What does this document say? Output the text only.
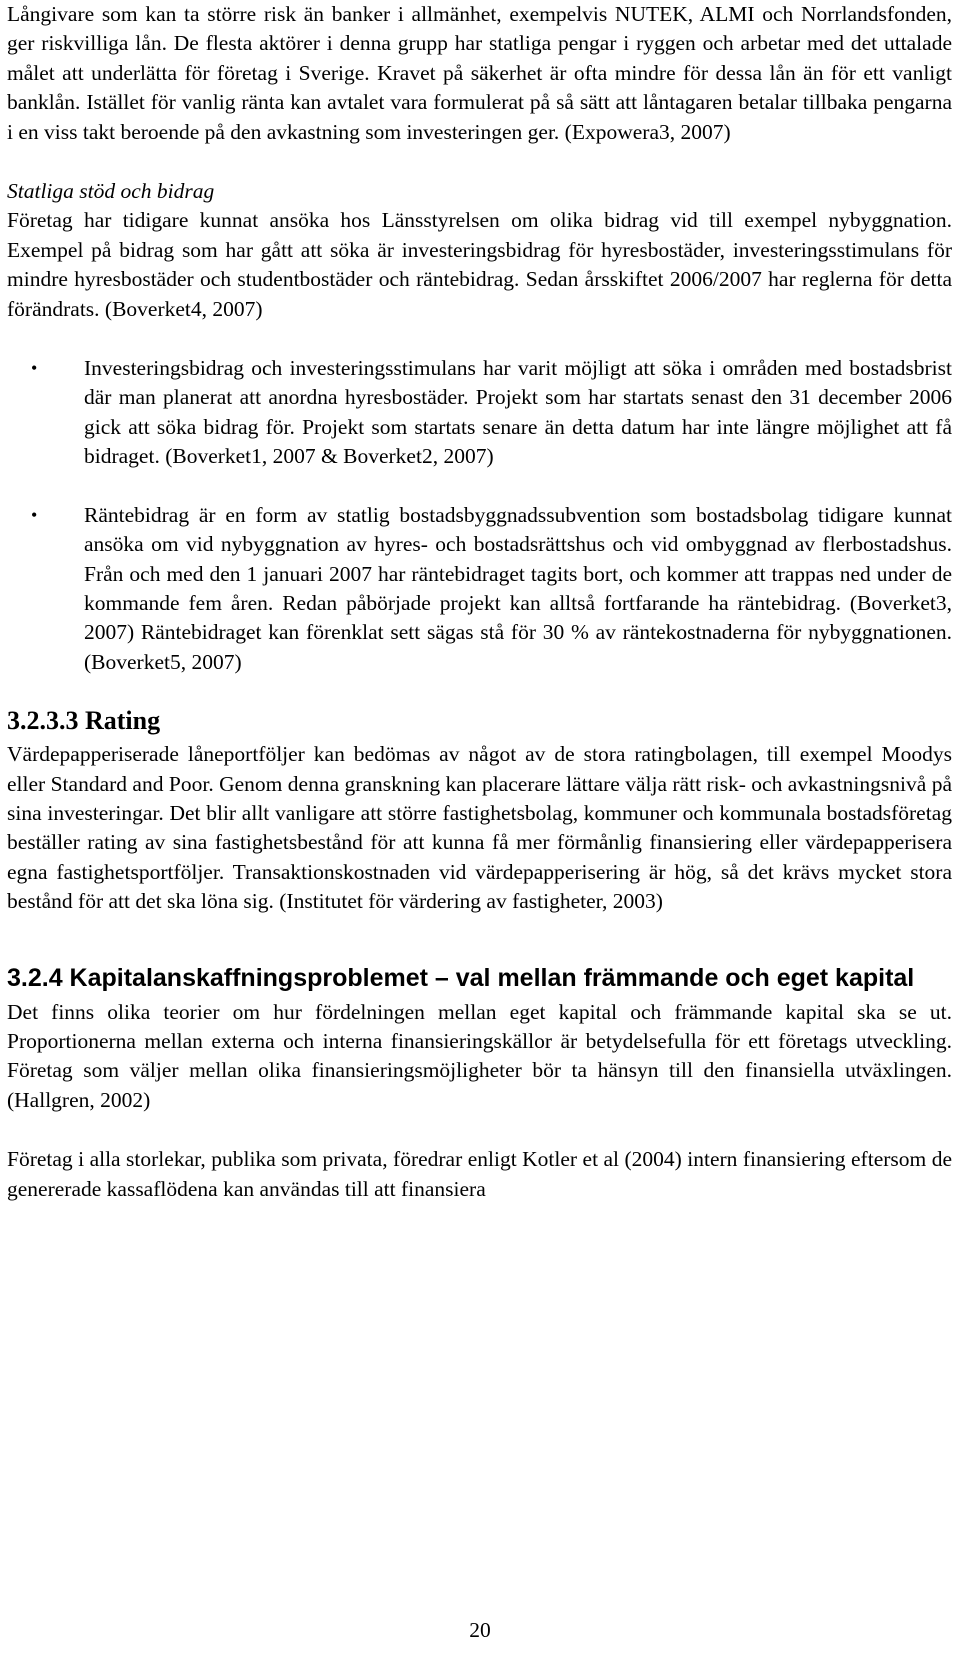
Långivare som kan ta större risk än banker i allmänhet, exempelvis NUTEK, ALMI och Norrlandsfonden, ger riskvilliga lån. De flesta aktörer i denna grupp har statliga pengar i ryggen och arbetar med det uttalade målet att underlätta för företag i Sverige. Kravet på säkerhet är ofta mindre för dessa lån än för ett vanligt banklån. Istället för vanlig ränta kan avtalet vara formulerat på så sätt att låntagaren betalar tillbaka pengarna i en viss takt beroende på den avkastning som investeringen ger. (Expowera3, 2007)

Statliga stöd och bidrag

Företag har tidigare kunnat ansöka hos Länsstyrelsen om olika bidrag vid till exempel nybyggnation. Exempel på bidrag som har gått att söka är investeringsbidrag för hyresbostäder, investeringsstimulans för mindre hyresbostäder och studentbostäder och räntebidrag. Sedan årsskiftet 2006/2007 har reglerna för detta förändrats. (Boverket4, 2007)

• Investeringsbidrag och investeringsstimulans har varit möjligt att söka i områden med bostadsbrist där man planerat att anordna hyresbostäder. Projekt som har startats senast den 31 december 2006 gick att söka bidrag för. Projekt som startats senare än detta datum har inte längre möjlighet att få bidraget. (Boverket1, 2007 & Boverket2, 2007)
• Räntebidrag är en form av statlig bostadsbyggnadssubvention som bostadsbolag tidigare kunnat ansöka om vid nybyggnation av hyres- och bostadsrättshus och vid ombyggnad av flerbostadshus. Från och med den 1 januari 2007 har räntebidraget tagits bort, och kommer att trappas ned under de kommande fem åren. Redan påbörjade projekt kan alltså fortfarande ha räntebidrag. (Boverket3, 2007) Räntebidraget kan förenklat sett sägas stå för 30 % av räntekostnaderna för nybyggnationen. (Boverket5, 2007)
3.2.3.3 Rating

Värdepapperiserade låneportföljer kan bedömas av något av de stora ratingbolagen, till exempel Moodys eller Standard and Poor. Genom denna granskning kan placerare lättare välja rätt risk- och avkastningsnivå på sina investeringar. Det blir allt vanligare att större fastighetsbolag, kommuner och kommunala bostadsföretag beställer rating av sina fastighetsbestånd för att kunna få mer förmånlig finansiering eller värdepapperisera egna fastighetsportföljer. Transaktionskostnaden vid värdepapperisering är hög, så det krävs mycket stora bestånd för att det ska löna sig. (Institutet för värdering av fastigheter, 2003)

3.2.4 Kapitalanskaffningsproblemet – val mellan främmande och eget kapital

Det finns olika teorier om hur fördelningen mellan eget kapital och främmande kapital ska se ut. Proportionerna mellan externa och interna finansieringskällor är betydelsefulla för ett företags utveckling. Företag som väljer mellan olika finansieringsmöjligheter bör ta hänsyn till den finansiella utväxlingen. (Hallgren, 2002)

Företag i alla storlekar, publika som privata, föredrar enligt Kotler et al (2004) intern finansiering eftersom de genererade kassaflödena kan användas till att finansiera

20
